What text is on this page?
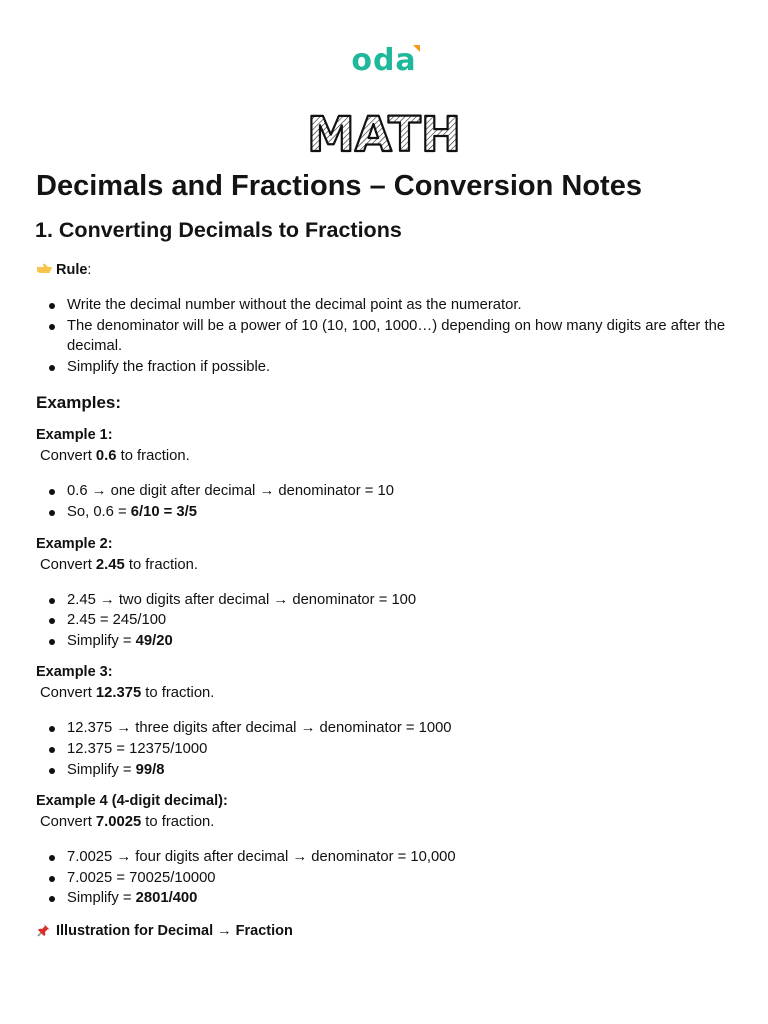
oda
MATH
Decimals and Fractions – Conversion Notes
1. Converting Decimals to Fractions
Rule:
Write the decimal number without the decimal point as the numerator.
The denominator will be a power of 10 (10, 100, 1000…) depending on how many digits are after the decimal.
Simplify the fraction if possible.
Examples:
Example 1:
Convert 0.6 to fraction.
0.6 → one digit after decimal → denominator = 10
So, 0.6 = 6/10 = 3/5
Example 2:
Convert 2.45 to fraction.
2.45 → two digits after decimal → denominator = 100
2.45 = 245/100
Simplify = 49/20
Example 3:
Convert 12.375 to fraction.
12.375 → three digits after decimal → denominator = 1000
12.375 = 12375/1000
Simplify = 99/8
Example 4 (4-digit decimal):
Convert 7.0025 to fraction.
7.0025 → four digits after decimal → denominator = 10,000
7.0025 = 70025/10000
Simplify = 2801/400
Illustration for Decimal → Fraction
